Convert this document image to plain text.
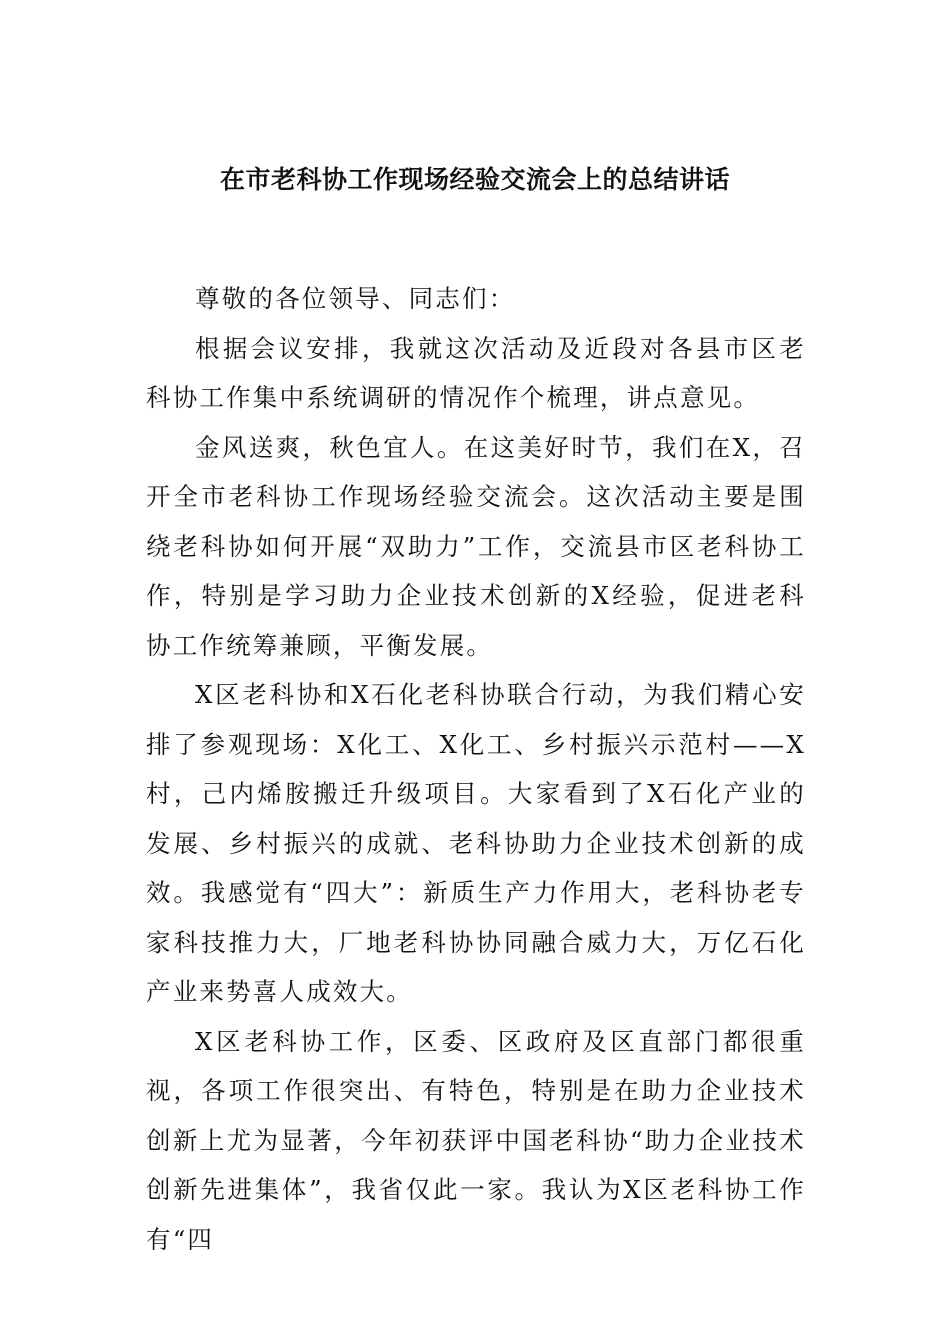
在市老科协工作现场经验交流会上的总结讲话

尊敬的各位领导、同志们：

根据会议安排，我就这次活动及近段对各县市区老科协工作集中系统调研的情况作个梳理，讲点意见。

金风送爽，秋色宜人。在这美好时节，我们在X，召开全市老科协工作现场经验交流会。这次活动主要是围绕老科协如何开展“双助力”工作，交流县市区老科协工作，特别是学习助力企业技术创新的X经验，促进老科协工作统筹兼顾，平衡发展。

X区老科协和X石化老科协联合行动，为我们精心安排了参观现场：X化工、X化工、乡村振兴示范村——X村，己内烯胺搬迁升级项目。大家看到了X石化产业的发展、乡村振兴的成就、老科协助力企业技术创新的成效。我感觉有“四大”：新质生产力作用大，老科协老专家科技推力大，厂地老科协协同融合威力大，万亿石化产业来势喜人成效大。

X区老科协工作，区委、区政府及区直部门都很重视，各项工作很突出、有特色，特别是在助力企业技术创新上尤为显著，今年初获评中国老科协“助力企业技术创新先进集体”，我省仅此一家。我认为X区老科协工作有“四
